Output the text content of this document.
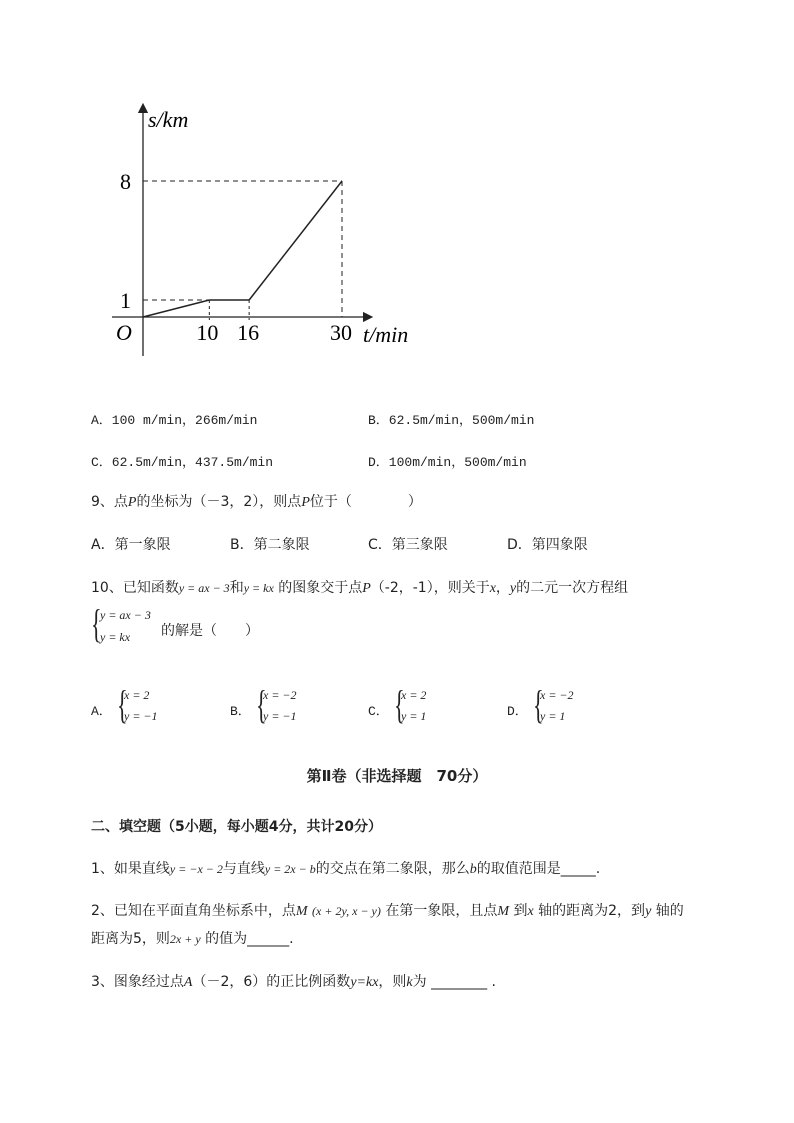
10 16	30
1
8
s/km
t/min
O
A．100 m/min，266m/min	B．62.5m/min，500m/min
C．62.5m/min，437.5m/min	D．100m/min，500m/min
9、点P的坐标为（－3，2），则点P位于（　　　　）
A．第一象限	B．第二象限	C．第三象限	D．第四象限
10、已知函数y = ax − 3和y = kx 的图象交于点P（-2，-1），则关于x，y的二元一次方程组
{
y = ax − 3
y = kx 的解是（　　）
A． {
x = 2
y = −1	B． {
x = −2
y = −1	C． {
x = 2
y = 1	D． {
x = −2
y = 1
第Ⅱ卷（非选择题　70分）
二、填空题（5小题，每小题4分，共计20分）
1、如果直线y = −x − 2与直线y = 2x − b的交点在第二象限，那么b的取值范围是_____.
2、已知在平面直角坐标系中，点M (x + 2y, x − y) 在第一象限，且点M 到x 轴的距离为2，到y 轴的
距离为5，则2x + y 的值为______.
3、图象经过点A（－2，6）的正比例函数y=kx，则k为 ________ .
